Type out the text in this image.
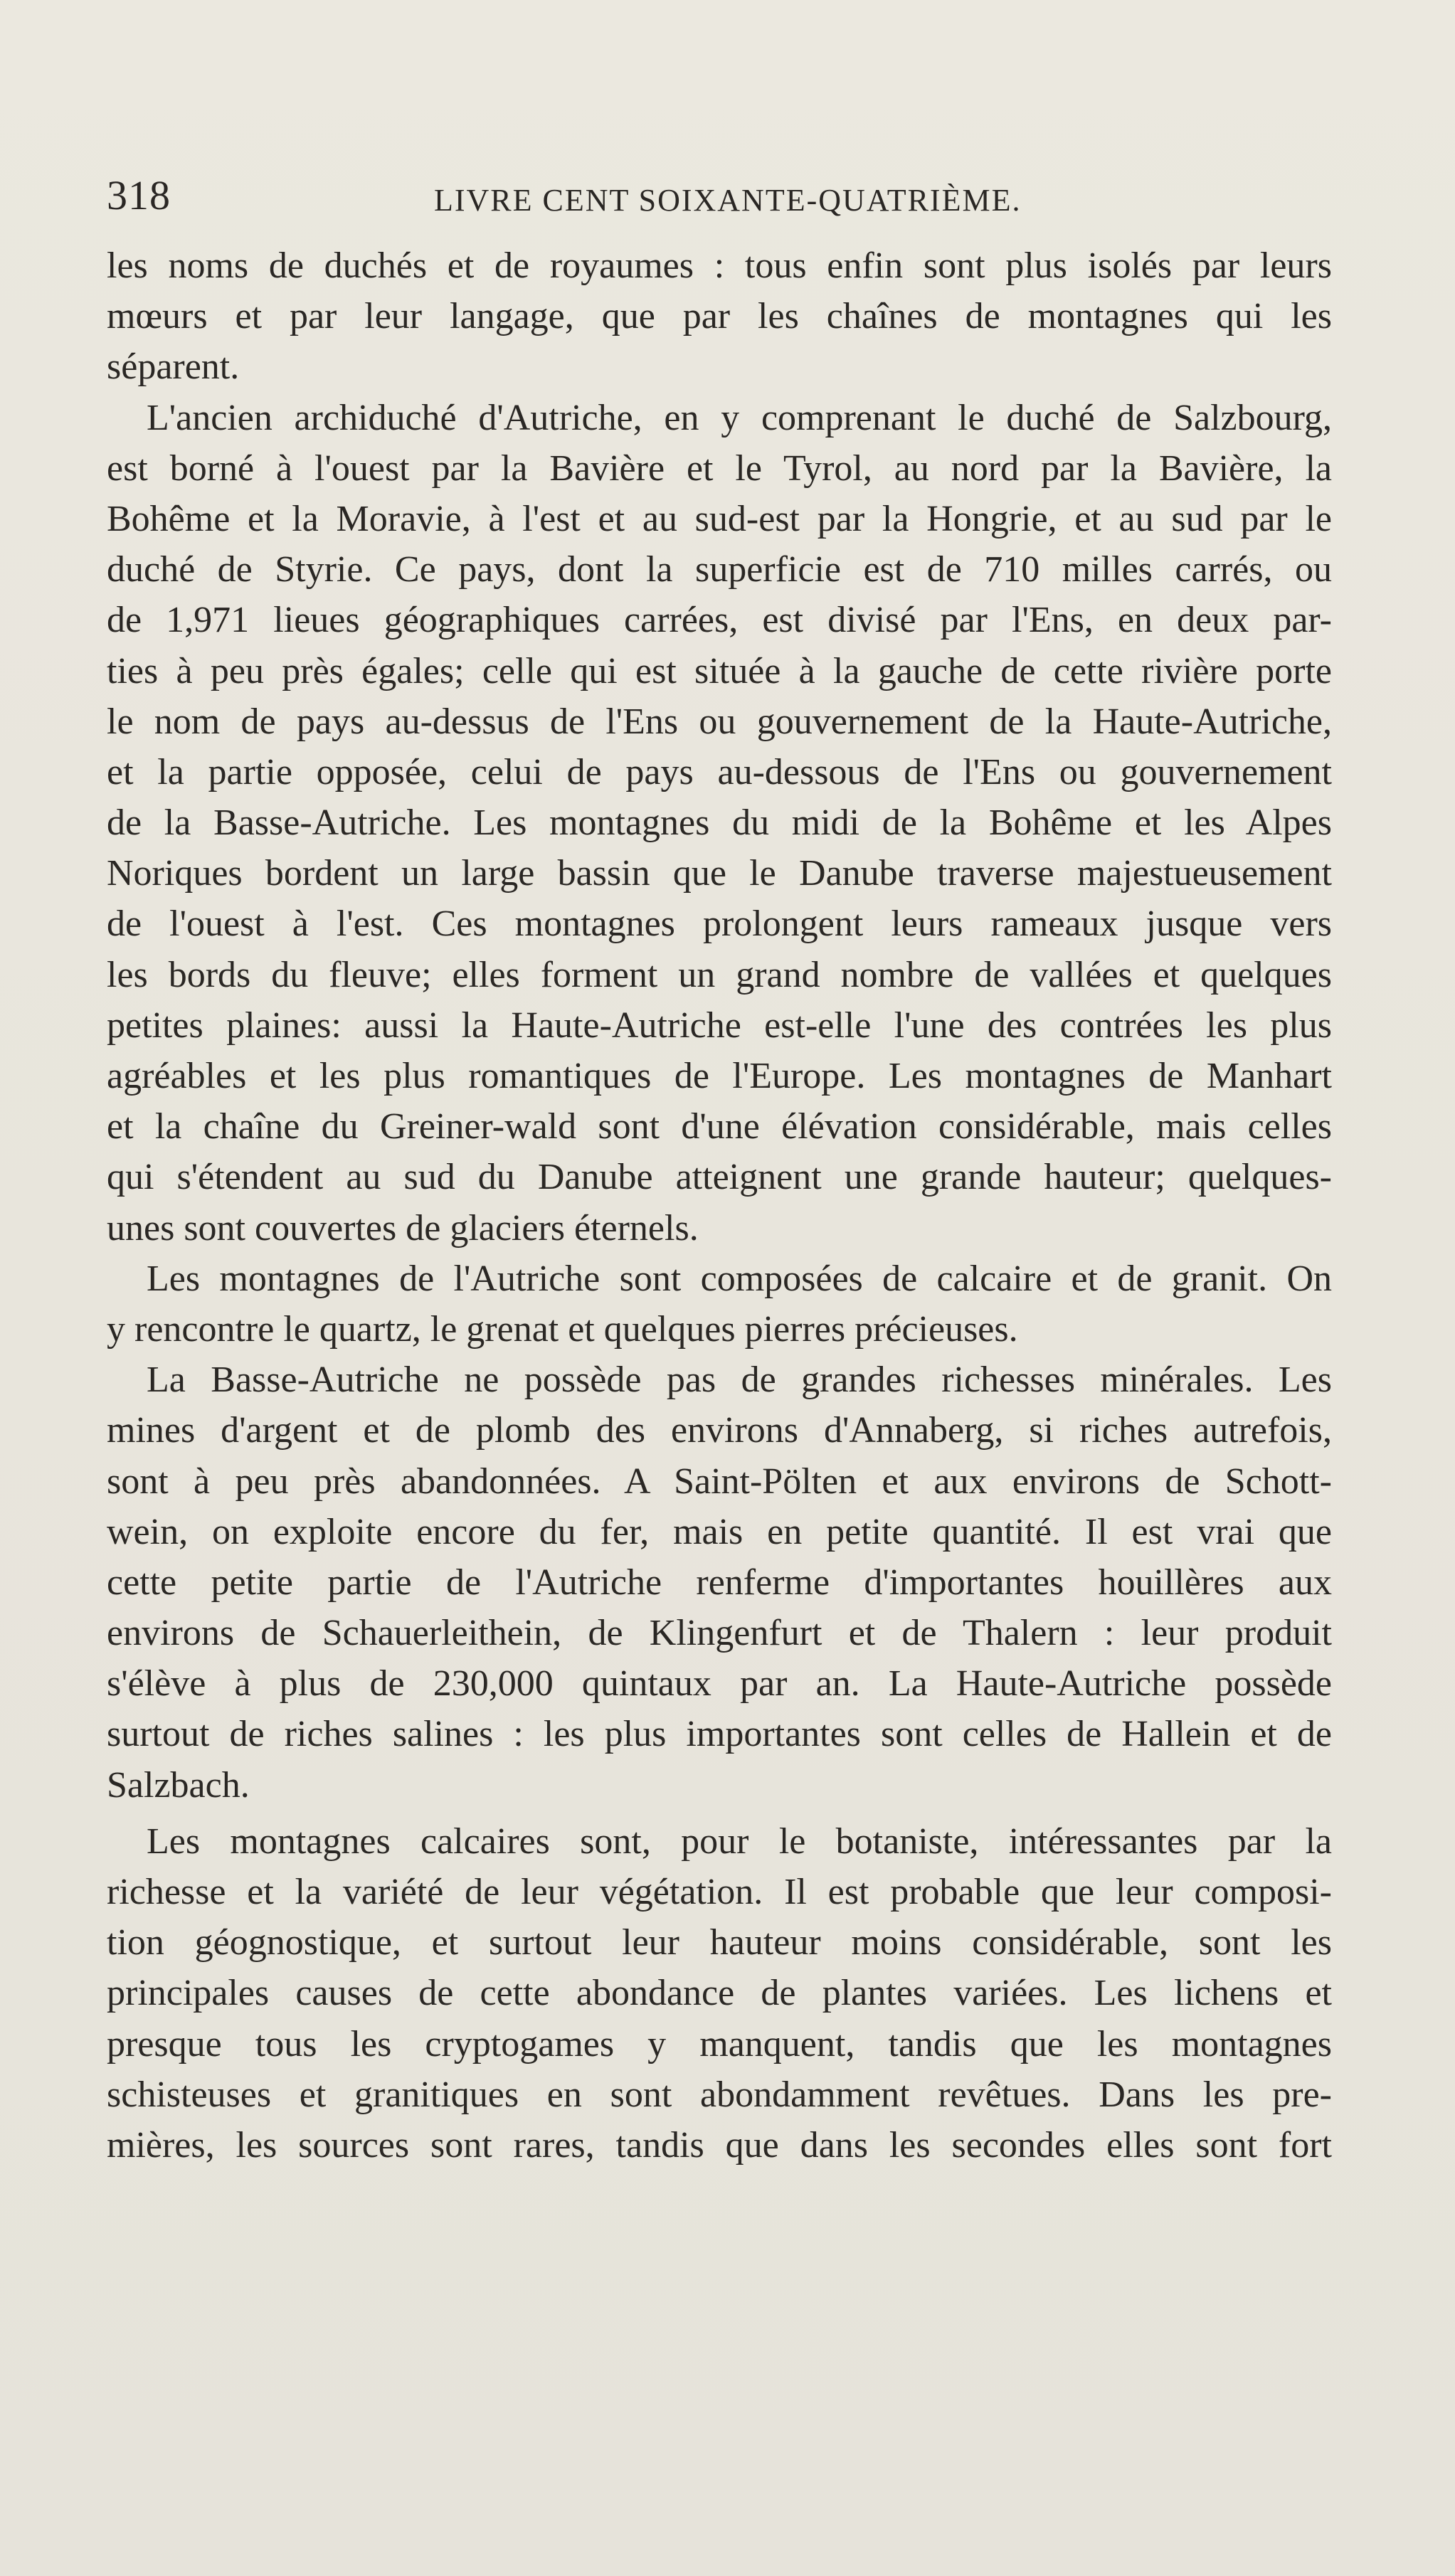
318	LIVRE CENT SOIXANTE-QUATRIÈME.
les noms de duchés et de royaumes : tous enfin sont plus isolés par leurs
mœurs et par leur langage, que par les chaînes de montagnes qui les
séparent.
L'ancien archiduché d'Autriche, en y comprenant le duché de Salzbourg,
est borné à l'ouest par la Bavière et le Tyrol, au nord par la Bavière, la
Bohême et la Moravie, à l'est et au sud-est par la Hongrie, et au sud par le
duché de Styrie. Ce pays, dont la superficie est de 710 milles carrés, ou
de 1,971 lieues géographiques carrées, est divisé par l'Ens, en deux par-
ties à peu près égales; celle qui est située à la gauche de cette rivière porte
le nom de pays au-dessus de l'Ens ou gouvernement de la Haute-Autriche,
et la partie opposée, celui de pays au-dessous de l'Ens ou gouvernement
de la Basse-Autriche. Les montagnes du midi de la Bohême et les Alpes
Noriques bordent un large bassin que le Danube traverse majestueusement
de l'ouest à l'est. Ces montagnes prolongent leurs rameaux jusque vers
les bords du fleuve; elles forment un grand nombre de vallées et quelques
petites plaines: aussi la Haute-Autriche est-elle l'une des contrées les plus
agréables et les plus romantiques de l'Europe. Les montagnes de Manhart
et la chaîne du Greiner-wald sont d'une élévation considérable, mais celles
qui s'étendent au sud du Danube atteignent une grande hauteur; quelques-
unes sont couvertes de glaciers éternels.
Les montagnes de l'Autriche sont composées de calcaire et de granit. On
y rencontre le quartz, le grenat et quelques pierres précieuses.
La Basse-Autriche ne possède pas de grandes richesses minérales. Les
mines d'argent et de plomb des environs d'Annaberg, si riches autrefois,
sont à peu près abandonnées. A Saint-Pölten et aux environs de Schott-
wein, on exploite encore du fer, mais en petite quantité. Il est vrai que
cette petite partie de l'Autriche renferme d'importantes houillères aux
environs de Schauerleithein, de Klingenfurt et de Thalern : leur produit
s'élève à plus de 230,000 quintaux par an. La Haute-Autriche possède
surtout de riches salines : les plus importantes sont celles de Hallein et de
Salzbach.
Les montagnes calcaires sont, pour le botaniste, intéressantes par la
richesse et la variété de leur végétation. Il est probable que leur composi-
tion géognostique, et surtout leur hauteur moins considérable, sont les
principales causes de cette abondance de plantes variées. Les lichens et
presque tous les cryptogames y manquent, tandis que les montagnes
schisteuses et granitiques en sont abondamment revêtues. Dans les pre-
mières, les sources sont rares, tandis que dans les secondes elles sont fort
